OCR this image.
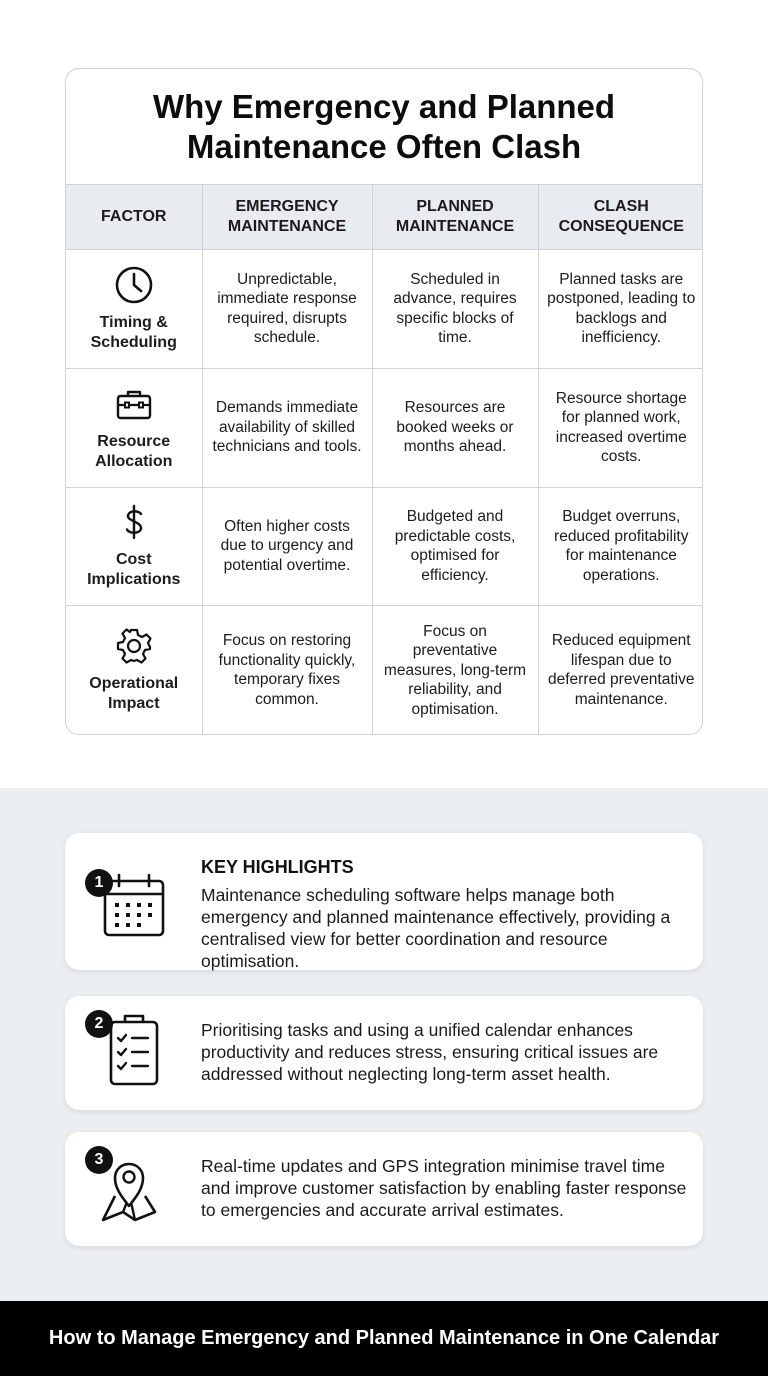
Why Emergency and Planned Maintenance Often Clash
FACTOR	EMERGENCY MAINTENANCE	PLANNED MAINTENANCE	CLASH CONSEQUENCE

Timing & Scheduling	Unpredictable, immediate response required, disrupts schedule.	Scheduled in advance, requires specific blocks of time.	Planned tasks are postponed, leading to backlogs and inefficiency.

Resource Allocation	Demands immediate availability of skilled technicians and tools.	Resources are booked weeks or months ahead.	Resource shortage for planned work, increased overtime costs.

Cost Implications	Often higher costs due to urgency and potential overtime.	Budgeted and predictable costs, optimised for efficiency.	Budget overruns, reduced profitability for maintenance operations.

Operational Impact	Focus on restoring functionality quickly, temporary fixes common.	Focus on preventative measures, long-term reliability, and optimisation.	Reduced equipment lifespan due to deferred preventative maintenance.
1
KEY HIGHLIGHTS
Maintenance scheduling software helps manage both emergency and planned maintenance effectively, providing a centralised view for better coordination and resource optimisation.
2	Prioritising tasks and using a unified calendar enhances productivity and reduces stress, ensuring critical issues are addressed without neglecting long-term asset health.
3	Real-time updates and GPS integration minimise travel time and improve customer satisfaction by enabling faster response to emergencies and accurate arrival estimates.
How to Manage Emergency and Planned Maintenance in One Calendar
